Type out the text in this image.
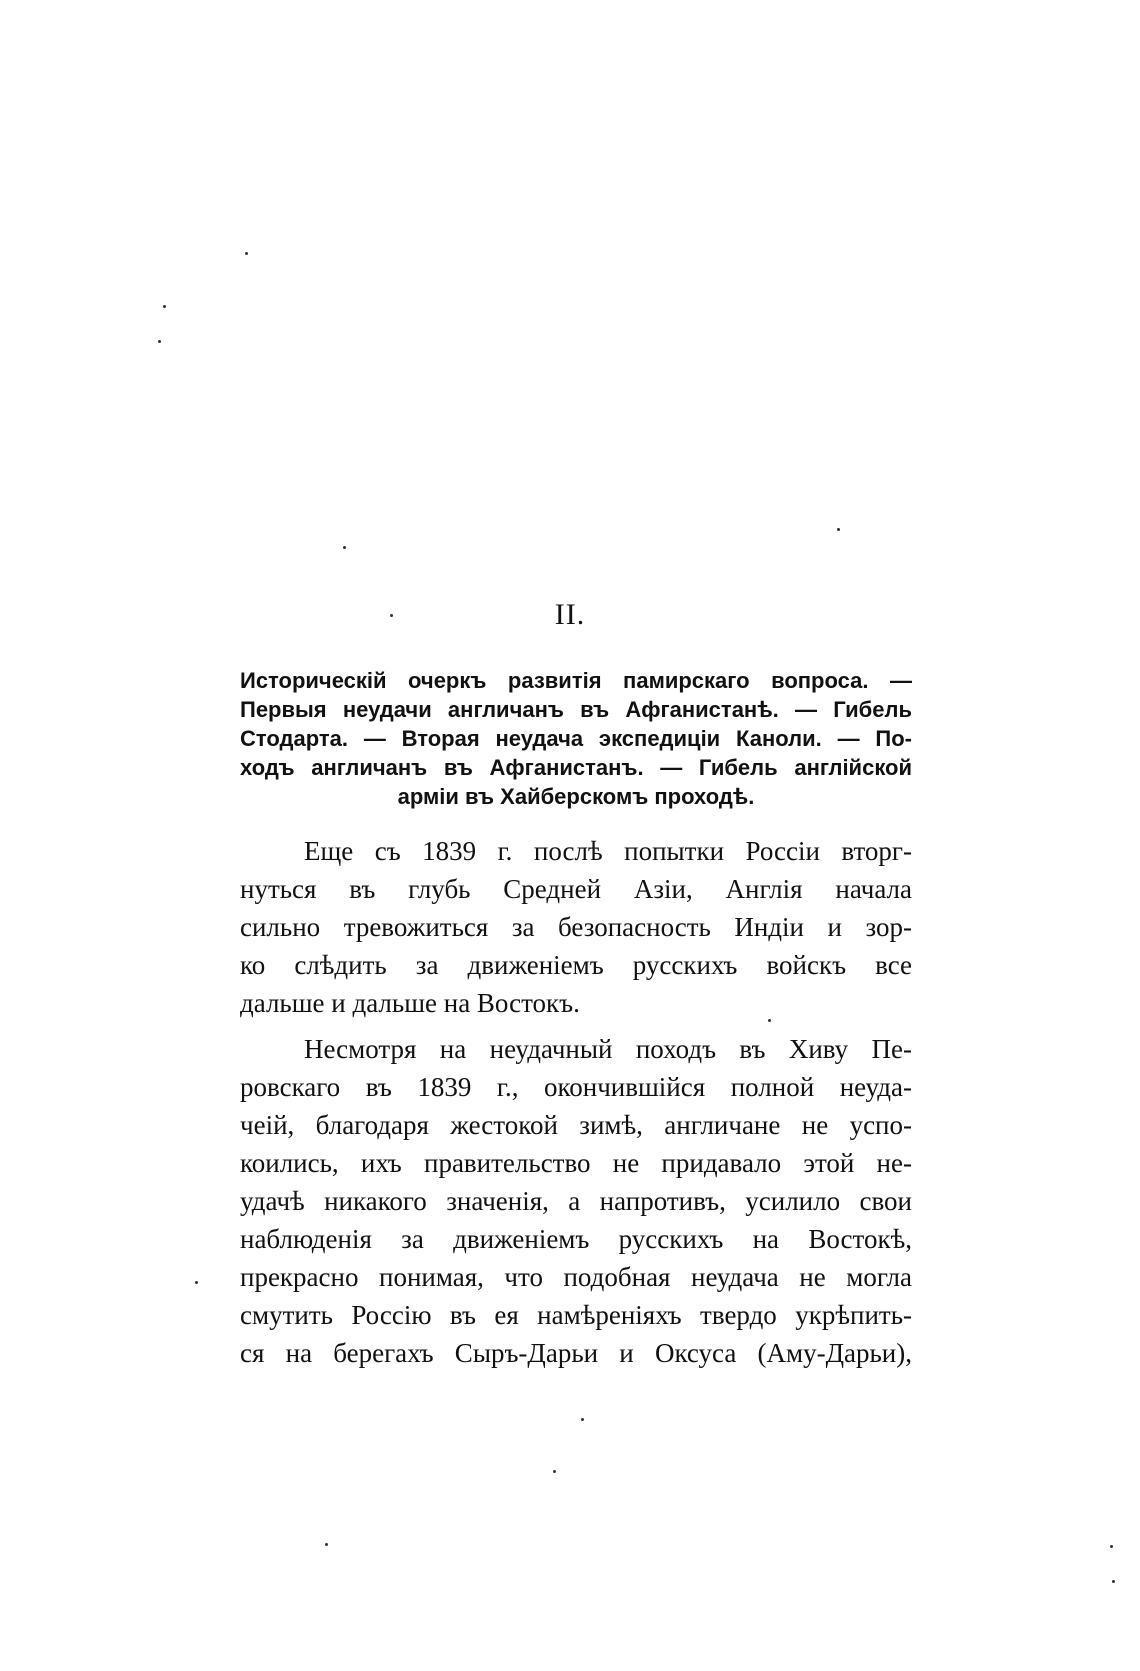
II.

Историческiй очеркъ развитiя памирскаго вопроса. —
Первыя неудачи англичанъ въ Афганистанѣ. — Гибель
Стодарта. — Вторая неудача экспедицiи Каноли. — По-
ходъ англичанъ въ Афганистанъ. — Гибель англiйской
армiи въ Хайберскомъ проходѣ.

Еще съ 1839 г. послѣ попытки Россiи вторг-
нуться въ глубь Средней Азiи, Англiя начала
сильно тревожиться за безопасность Индiи и зор-
ко слѣдить за движенiемъ русскихъ войскъ все
дальше и дальше на Востокъ.

Несмотря на неудачный походъ въ Хиву Пе-
ровскаго въ 1839 г., окончившiйся полной неуда-
чеiй, благодаря жестокой зимѣ, англичане не успо-
коились, ихъ правительство не придавало этой не-
удачѣ никакого значенiя, а напротивъ, усилило свои
наблюденiя за движенiемъ русскихъ на Востокѣ,
прекрасно понимая, что подобная неудача не могла
смутить Россiю въ ея намѣренiяхъ твердо укрѣпить-
ся на берегахъ Сыръ-Дарьи и Оксуса (Аму-Дарьи),
